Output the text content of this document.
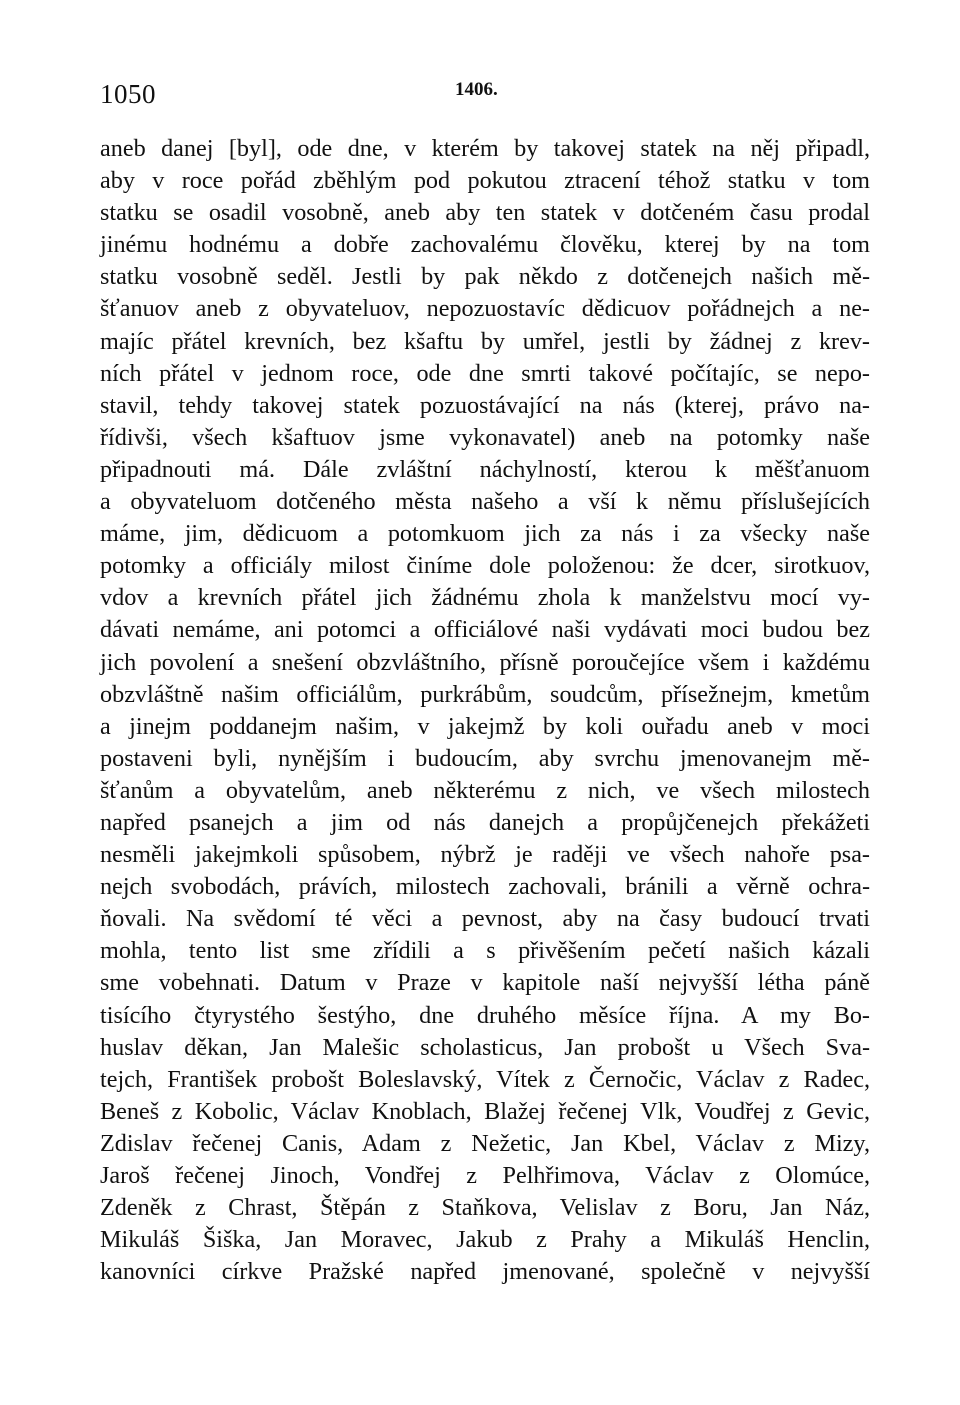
1050	1406.
aneb danej [byl], ode dne, v kterém by takovej statek na něj připadl,
aby v roce pořád zběhlým pod pokutou ztracení téhož statku v tom
statku se osadil vosobně, aneb aby ten statek v dotčeném času prodal
jinému hodnému a dobře zachovalému člověku, kterej by na tom
statku vosobně seděl. Jestli by pak někdo z dotčenejch našich mě-
šťanuov aneb z obyvateluov, nepozuostavíc dědicuov pořádnejch a ne-
majíc přátel krevních, bez kšaftu by umřel, jestli by žádnej z krev-
ních přátel v jednom roce, ode dne smrti takové počítajíc, se nepo-
stavil, tehdy takovej statek pozuostávající na nás (kterej, právo na-
řídivši, všech kšaftuov jsme vykonavatel) aneb na potomky naše
připadnouti má. Dále zvláštní náchylností, kterou k měšťanuom
a obyvateluom dotčeného města našeho a vší k němu příslušejících
máme, jim, dědicuom a potomkuom jich za nás i za všecky naše
potomky a officiály milost činíme dole položenou: že dcer, sirotkuov,
vdov a krevních přátel jich žádnému zhola k manželstvu mocí vy-
dávati nemáme, ani potomci a officiálové naši vydávati moci budou bez
jich povolení a snešení obzvláštního, přísně poroučejíce všem i každému
obzvláštně našim officiálům, purkrábům, soudcům, přísežnejm, kmetům
a jinejm poddanejm našim, v jakejmž by koli ouřadu aneb v moci
postaveni byli, nynějším i budoucím, aby svrchu jmenovanejm mě-
šťanům a obyvatelům, aneb některému z nich, ve všech milostech
napřed psanejch a jim od nás danejch a propůjčenejch překážeti
nesměli jakejmkoli spůsobem, nýbrž je raději ve všech nahoře psa-
nejch svobodách, právích, milostech zachovali, bránili a věrně ochra-
ňovali. Na svědomí té věci a pevnost, aby na časy budoucí trvati
mohla, tento list sme zřídili a s přivěšením pečetí našich kázali
sme vobehnati. Datum v Praze v kapitole naší nejvyšší létha páně
tisícího čtyrystého šestýho, dne druhého měsíce října. A my Bo-
huslav děkan, Jan Malešic scholasticus, Jan probošt u Všech Sva-
tejch, František probošt Boleslavský, Vítek z Černočic, Václav z Radec,
Beneš z Kobolic, Václav Knoblach, Blažej řečenej Vlk, Voudřej z Gevic,
Zdislav řečenej Canis, Adam z Nežetic, Jan Kbel, Václav z Mizy,
Jaroš řečenej Jinoch, Vondřej z Pelhřimova, Václav z Olomúce,
Zdeněk z Chrast, Štěpán z Staňkova, Velislav z Boru, Jan Náz,
Mikuláš Šiška, Jan Moravec, Jakub z Prahy a Mikuláš Henclin,
kanovníci církve Pražské napřed jmenované, společně v nejvyšší
